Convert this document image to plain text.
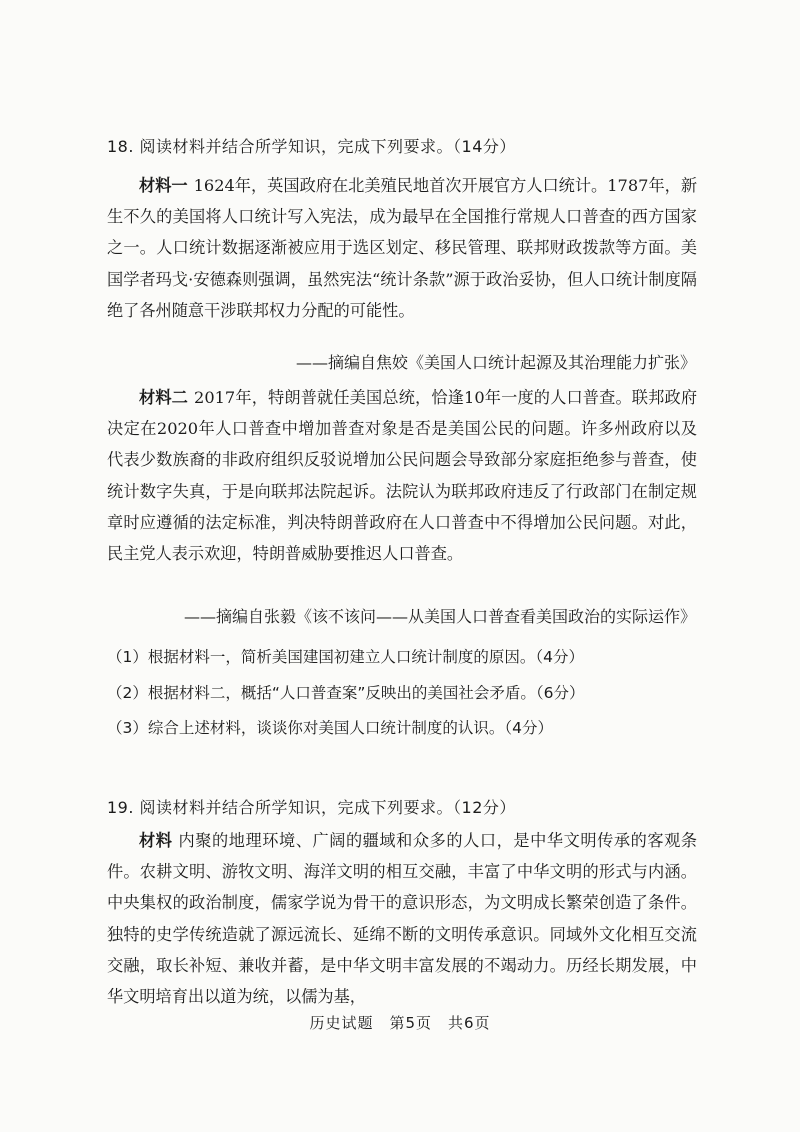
18. 阅读材料并结合所学知识，完成下列要求。（14分）

材料一 1624年，英国政府在北美殖民地首次开展官方人口统计。1787年，新生不久的美国将人口统计写入宪法，成为最早在全国推行常规人口普查的西方国家之一。人口统计数据逐渐被应用于选区划定、移民管理、联邦财政拨款等方面。美国学者玛戈·安德森则强调，虽然宪法“统计条款”源于政治妥协，但人口统计制度隔绝了各州随意干涉联邦权力分配的可能性。

——摘编自焦姣《美国人口统计起源及其治理能力扩张》

材料二 2017年，特朗普就任美国总统，恰逢10年一度的人口普查。联邦政府决定在2020年人口普查中增加普查对象是否是美国公民的问题。许多州政府以及代表少数族裔的非政府组织反驳说增加公民问题会导致部分家庭拒绝参与普查，使统计数字失真，于是向联邦法院起诉。法院认为联邦政府违反了行政部门在制定规章时应遵循的法定标准，判决特朗普政府在人口普查中不得增加公民问题。对此，民主党人表示欢迎，特朗普威胁要推迟人口普查。

——摘编自张毅《该不该问——从美国人口普查看美国政治的实际运作》
（1）根据材料一，简析美国建国初建立人口统计制度的原因。（4分）
（2）根据材料二，概括“人口普查案”反映出的美国社会矛盾。（6分）
（3）综合上述材料，谈谈你对美国人口统计制度的认识。（4分）
19. 阅读材料并结合所学知识，完成下列要求。（12分）

材料 内聚的地理环境、广阔的疆域和众多的人口，是中华文明传承的客观条件。农耕文明、游牧文明、海洋文明的相互交融，丰富了中华文明的形式与内涵。中央集权的政治制度，儒家学说为骨干的意识形态，为文明成长繁荣创造了条件。独特的史学传统造就了源远流长、延绵不断的文明传承意识。同域外文化相互交流交融，取长补短、兼收并蓄，是中华文明丰富发展的不竭动力。历经长期发展，中华文明培育出以道为统，以儒为基，

历史试题　第5页　共6页
